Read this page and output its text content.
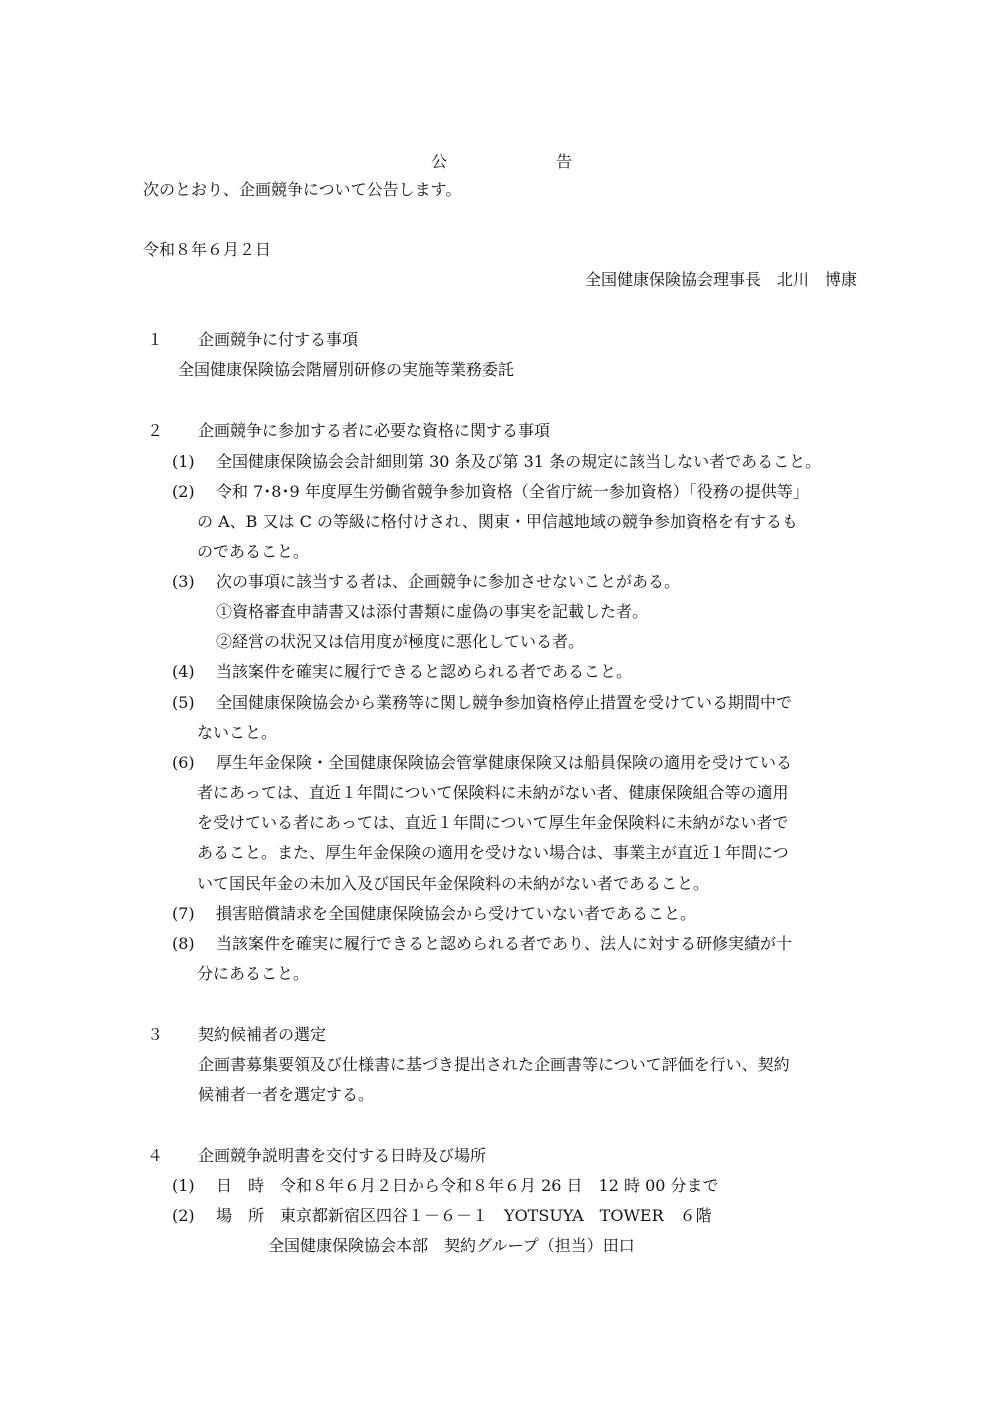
公	告
次のとおり、企画競争について公告します。
令和８年６月２日
全国健康保険協会理事長　北川　博康
１ 企画競争に付する事項
全国健康保険協会階層別研修の実施等業務委託
２ 企画競争に参加する者に必要な資格に関する事項
(1) 全国健康保険協会会計細則第 30 条及び第 31 条の規定に該当しない者であること。
(2) 令和 7･8･9 年度厚生労働省競争参加資格（全省庁統一参加資格）「役務の提供等」
の A、B 又は C の等級に格付けされ、関東・甲信越地域の競争参加資格を有するも
のであること。
(3) 次の事項に該当する者は、企画競争に参加させないことがある。
①資格審査申請書又は添付書類に虚偽の事実を記載した者。
②経営の状況又は信用度が極度に悪化している者。
(4) 当該案件を確実に履行できると認められる者であること。
(5) 全国健康保険協会から業務等に関し競争参加資格停止措置を受けている期間中で
ないこと。
(6) 厚生年金保険・全国健康保険協会管掌健康保険又は船員保険の適用を受けている
者にあっては、直近１年間について保険料に未納がない者、健康保険組合等の適用
を受けている者にあっては、直近１年間について厚生年金保険料に未納がない者で
あること。また、厚生年金保険の適用を受けない場合は、事業主が直近１年間につ
いて国民年金の未加入及び国民年金保険料の未納がない者であること。
(7) 損害賠償請求を全国健康保険協会から受けていない者であること。
(8) 当該案件を確実に履行できると認められる者であり、法人に対する研修実績が十
分にあること。
３ 契約候補者の選定
企画書募集要領及び仕様書に基づき提出された企画書等について評価を行い、契約
候補者一者を選定する。
４ 企画競争説明書を交付する日時及び場所
(1) 日　時　令和８年６月２日から令和８年６月 26 日　12 時 00 分まで
(2) 場　所　東京都新宿区四谷１－６－１　YOTSUYA　TOWER　６階
全国健康保険協会本部　契約グループ（担当）田口
